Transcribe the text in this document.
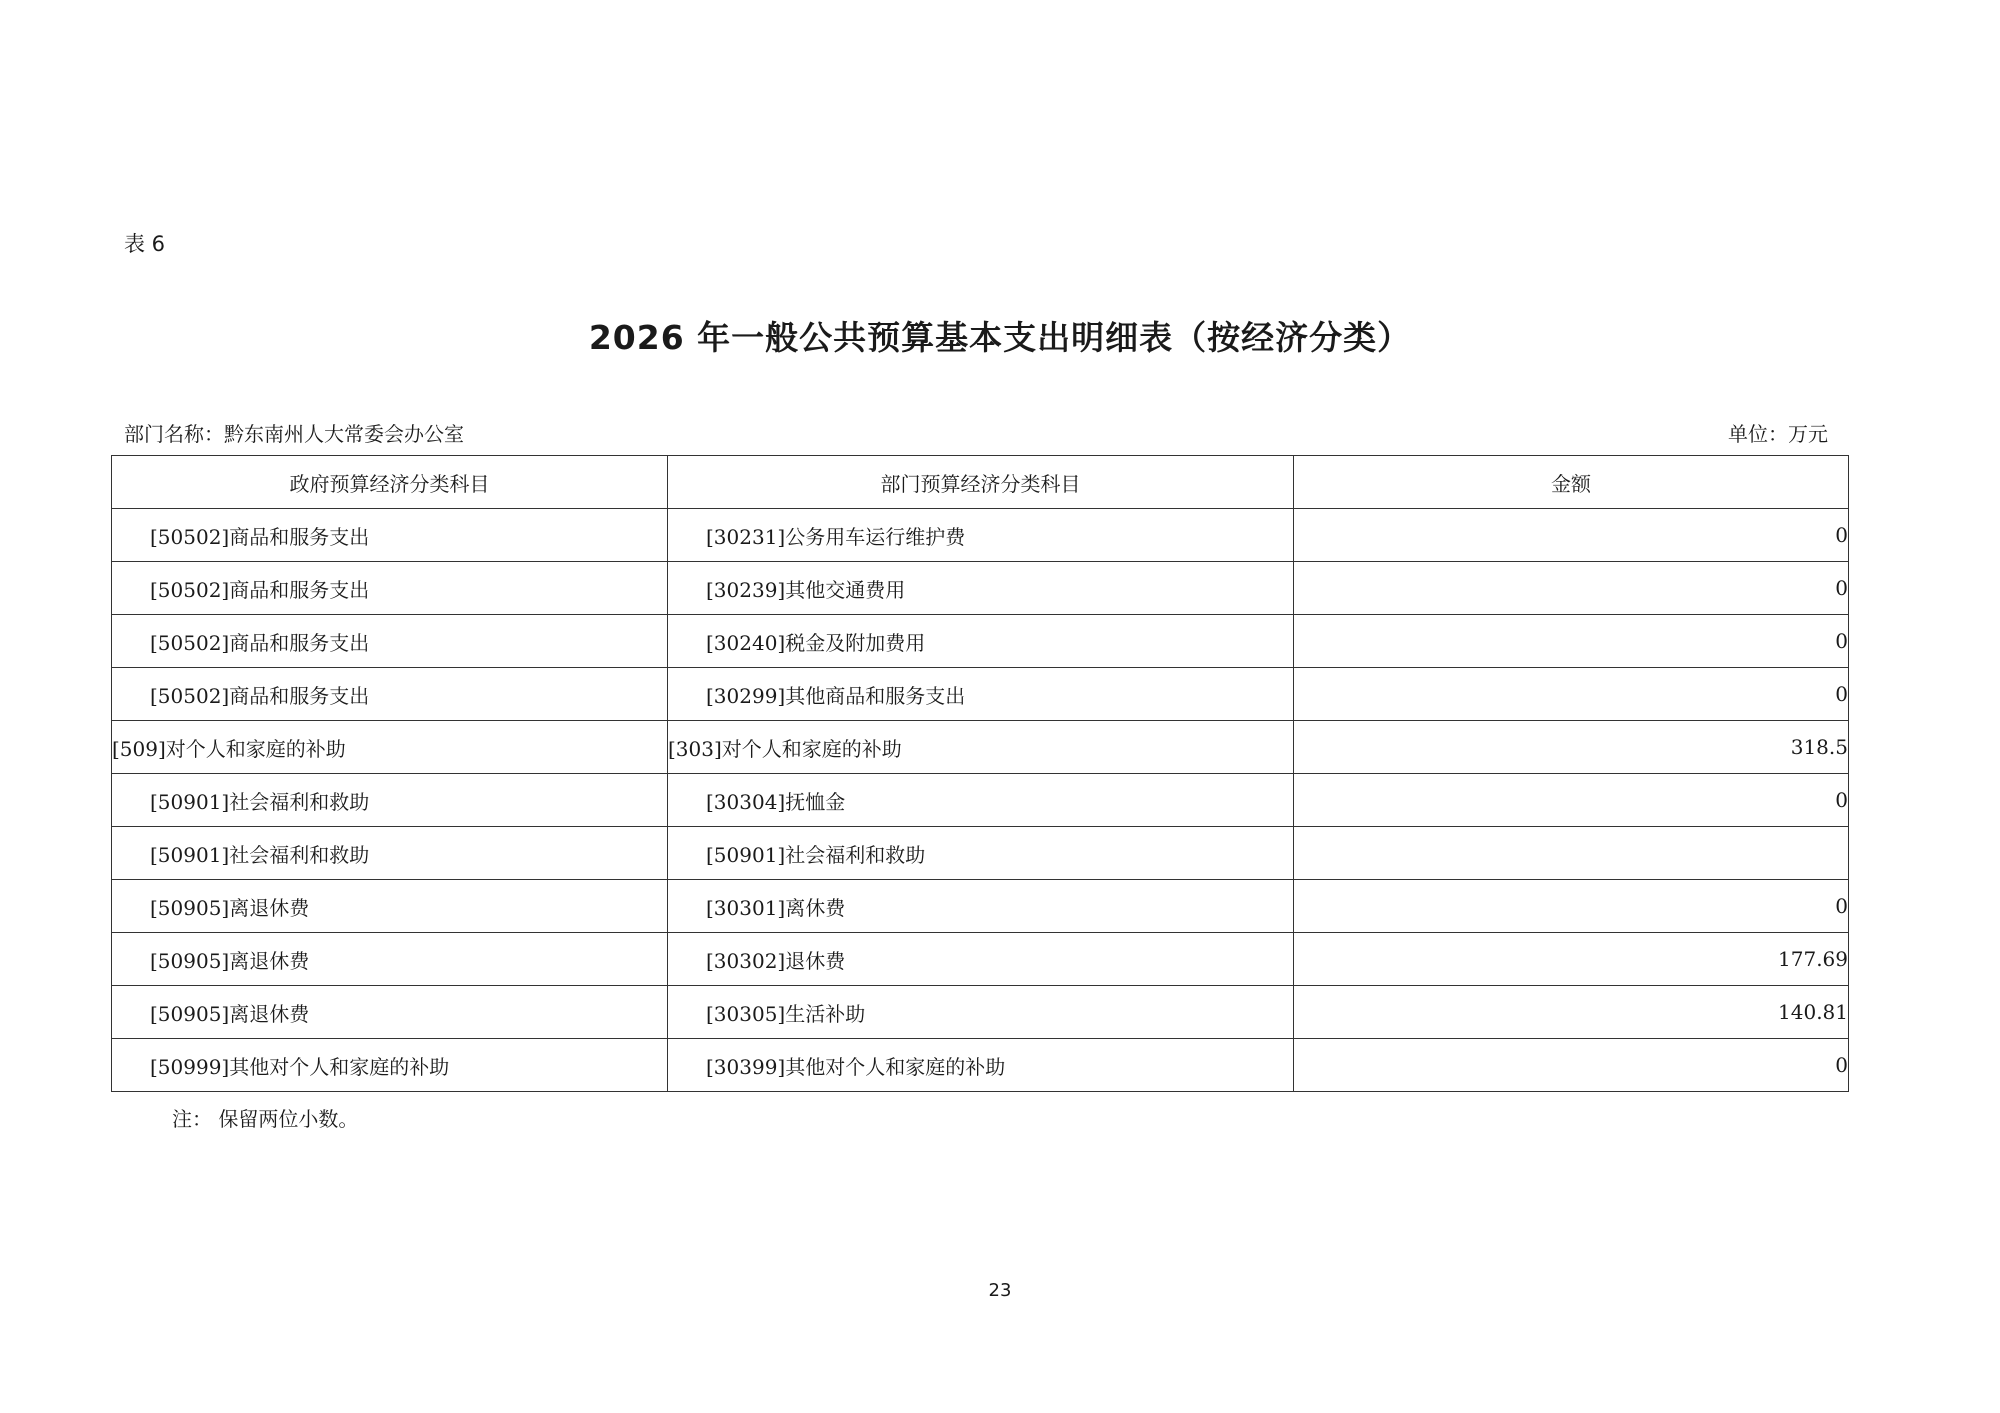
表 6
2026 年一般公共预算基本支出明细表（按经济分类）
部门名称：黔东南州人大常委会办公室	单位：万元
政府预算经济分类科目	部门预算经济分类科目	金额
[50502]商品和服务支出	[30231]公务用车运行维护费	0
[50502]商品和服务支出	[30239]其他交通费用	0
[50502]商品和服务支出	[30240]税金及附加费用	0
[50502]商品和服务支出	[30299]其他商品和服务支出	0
[509]对个人和家庭的补助	[303]对个人和家庭的补助	318.5
[50901]社会福利和救助	[30304]抚恤金	0
[50901]社会福利和救助	[50901]社会福利和救助	
[50905]离退休费	[30301]离休费	0
[50905]离退休费	[30302]退休费	177.69
[50905]离退休费	[30305]生活补助	140.81
[50999]其他对个人和家庭的补助	[30399]其他对个人和家庭的补助	0
注： 保留两位小数。
23
